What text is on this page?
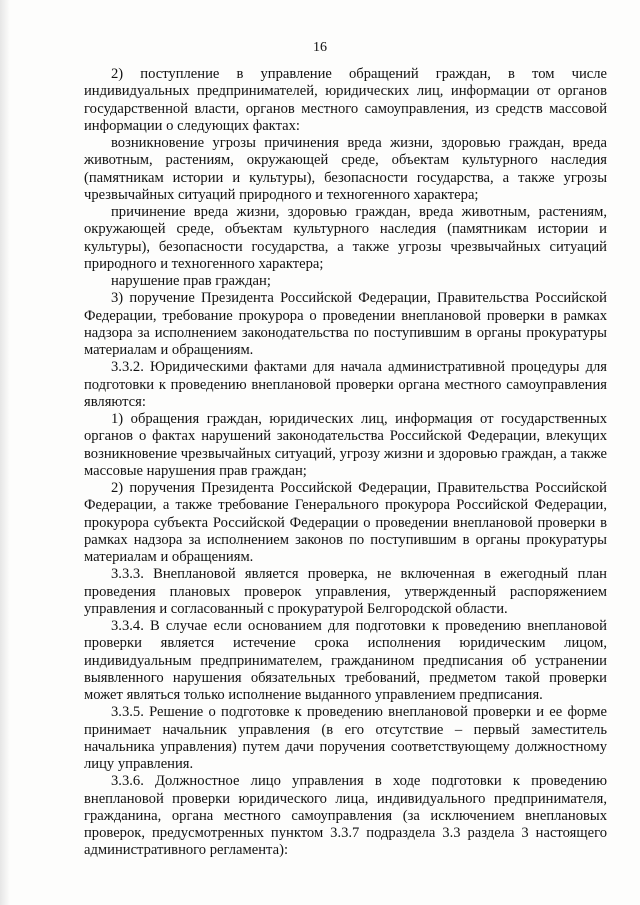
16

2) поступление в управление обращений граждан, в том числе индивидуальных предпринимателей, юридических лиц, информации от органов государственной власти, органов местного самоуправления, из средств массовой информации о следующих фактах:

возникновение угрозы причинения вреда жизни, здоровью граждан, вреда животным, растениям, окружающей среде, объектам культурного наследия (памятникам истории и культуры), безопасности государства, а также угрозы чрезвычайных ситуаций природного и техногенного характера;

причинение вреда жизни, здоровью граждан, вреда животным, растениям, окружающей среде, объектам культурного наследия (памятникам истории и культуры), безопасности государства, а также угрозы чрезвычайных ситуаций природного и техногенного характера;

нарушение прав граждан;

3) поручение Президента Российской Федерации, Правительства Российской Федерации, требование прокурора о проведении внеплановой проверки в рамках надзора за исполнением законодательства по поступившим в органы прокуратуры материалам и обращениям.

3.3.2. Юридическими фактами для начала административной процедуры для подготовки к проведению внеплановой проверки органа местного самоуправления являются:

1) обращения граждан, юридических лиц, информация от государственных органов о фактах нарушений законодательства Российской Федерации, влекущих возникновение чрезвычайных ситуаций, угрозу жизни и здоровью граждан, а также массовые нарушения прав граждан;

2) поручения Президента Российской Федерации, Правительства Российской Федерации, а также требование Генерального прокурора Российской Федерации, прокурора субъекта Российской Федерации о проведении внеплановой проверки в рамках надзора за исполнением законов по поступившим в органы прокуратуры материалам и обращениям.

3.3.3. Внеплановой является проверка, не включенная в ежегодный план проведения плановых проверок управления, утвержденный распоряжением управления и согласованный с прокуратурой Белгородской области.

3.3.4. В случае если основанием для подготовки к проведению внеплановой проверки является истечение срока исполнения юридическим лицом, индивидуальным предпринимателем, гражданином предписания об устранении выявленного нарушения обязательных требований, предметом такой проверки может являться только исполнение выданного управлением предписания.

3.3.5. Решение о подготовке к проведению внеплановой проверки и ее форме принимает начальник управления (в его отсутствие – первый заместитель начальника управления) путем дачи поручения соответствующему должностному лицу управления.

3.3.6. Должностное лицо управления в ходе подготовки к проведению внеплановой проверки юридического лица, индивидуального предпринимателя, гражданина, органа местного самоуправления (за исключением внеплановых проверок, предусмотренных пунктом 3.3.7 подраздела 3.3 раздела 3 настоящего административного регламента):
